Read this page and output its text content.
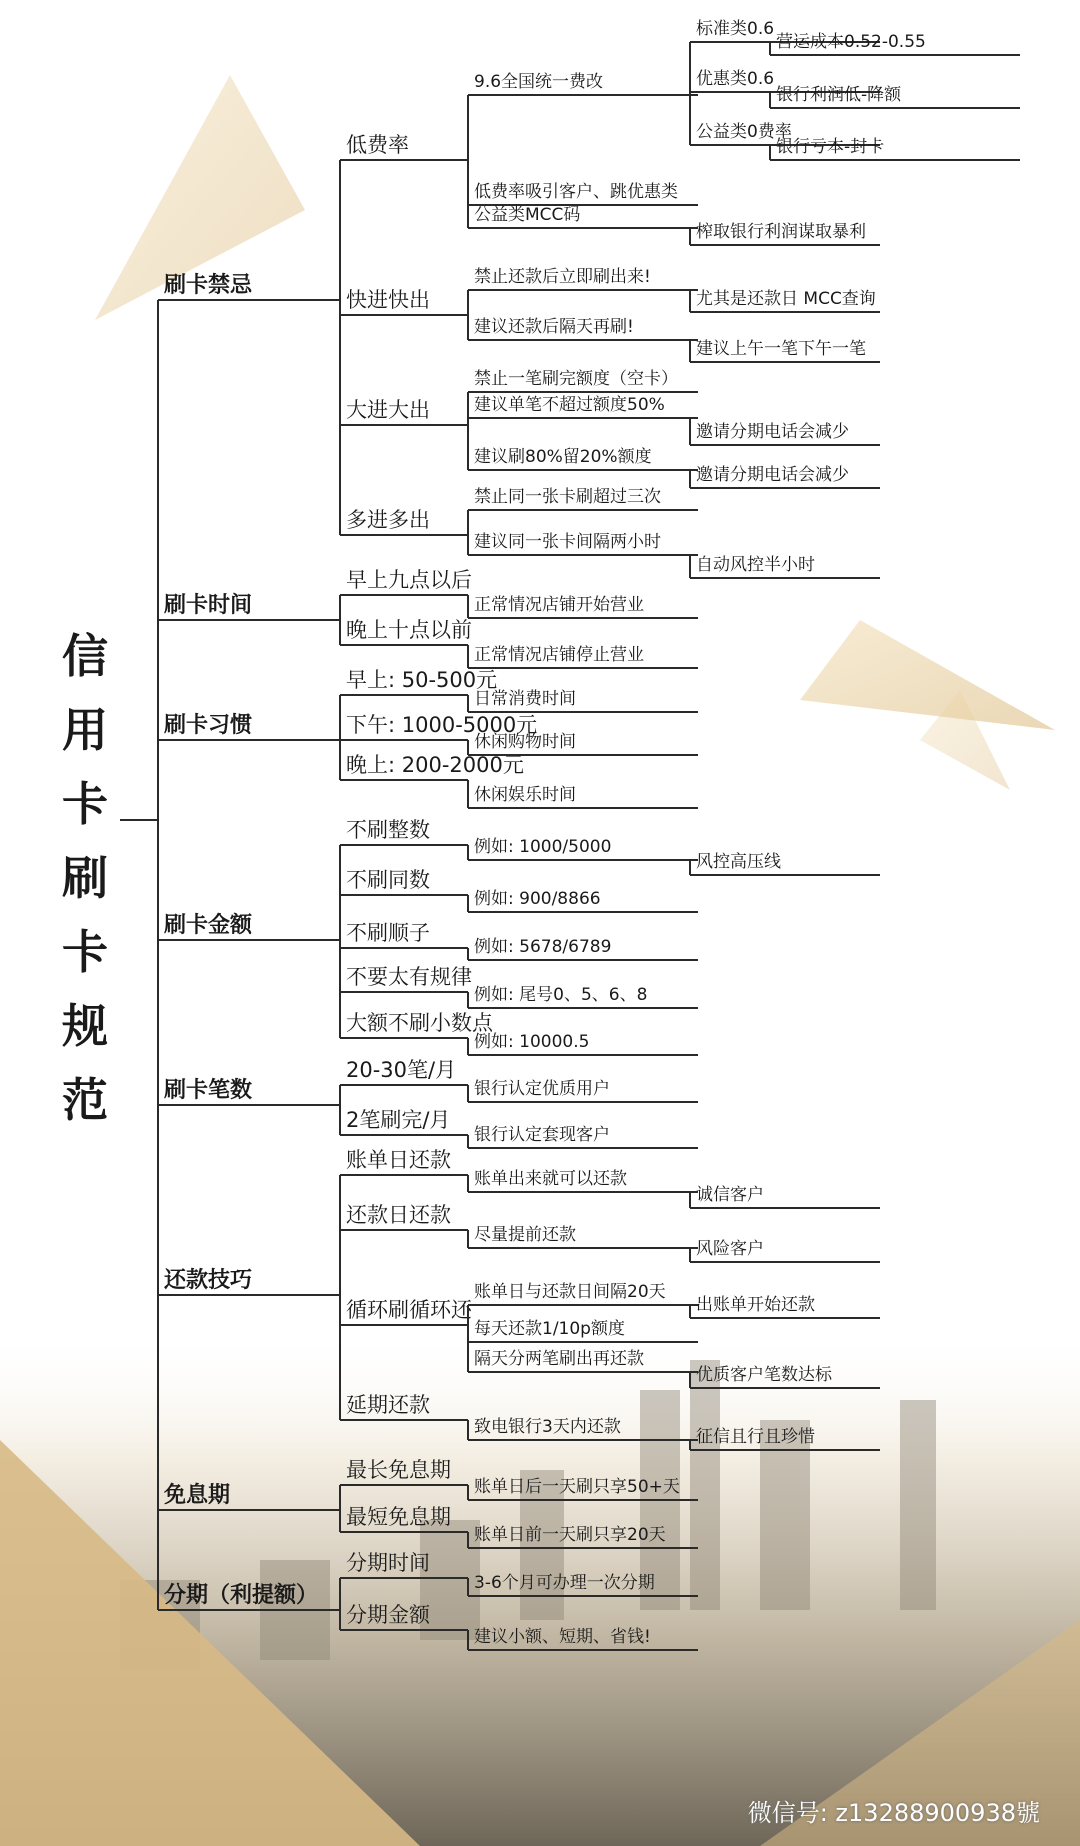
信
用
卡
刷
卡
规
范
刷卡禁忌
低费率
9.6全国统一费改
标准类0.6
营运成本0.52-0.55
优惠类0.6
银行利润低-降额
公益类0费率
银行亏本-封卡
低费率吸引客户、跳优惠类
公益类MCC码
榨取银行利润谋取暴利
快进快出
禁止还款后立即刷出来!
尤其是还款日 MCC查询
建议还款后隔天再刷!
建议上午一笔下午一笔
大进大出
禁止一笔刷完额度（空卡）
建议单笔不超过额度50%
邀请分期电话会减少
建议刷80%留20%额度
邀请分期电话会减少
多进多出
禁止同一张卡刷超过三次
建议同一张卡间隔两小时
自动风控半小时
刷卡时间
早上九点以后
正常情况店铺开始营业
晚上十点以前
正常情况店铺停止营业
刷卡习惯
早上: 50-500元
日常消费时间
下午: 1000-5000元
休闲购物时间
晚上: 200-2000元
休闲娱乐时间
刷卡金额
不刷整数
例如: 1000/5000
风控高压线
不刷同数
例如: 900/8866
不刷顺子
例如: 5678/6789
不要太有规律
例如: 尾号0、5、6、8
大额不刷小数点
例如: 10000.5
刷卡笔数
20-30笔/月
银行认定优质用户
2笔刷完/月
银行认定套现客户
还款技巧
账单日还款
账单出来就可以还款
诚信客户
还款日还款
尽量提前还款
风险客户
循环刷循环还
账单日与还款日间隔20天
出账单开始还款
每天还款1/10p额度
隔天分两笔刷出再还款
优质客户笔数达标
延期还款
致电银行3天内还款	征信且行且珍惜
免息期
最长免息期
账单日后一天刷只享50+天
最短免息期
账单日前一天刷只享20天
分期（利提额）
分期时间
3-6个月可办理一次分期
分期金额
建议小额、短期、省钱!
微信号: z13288900938號
